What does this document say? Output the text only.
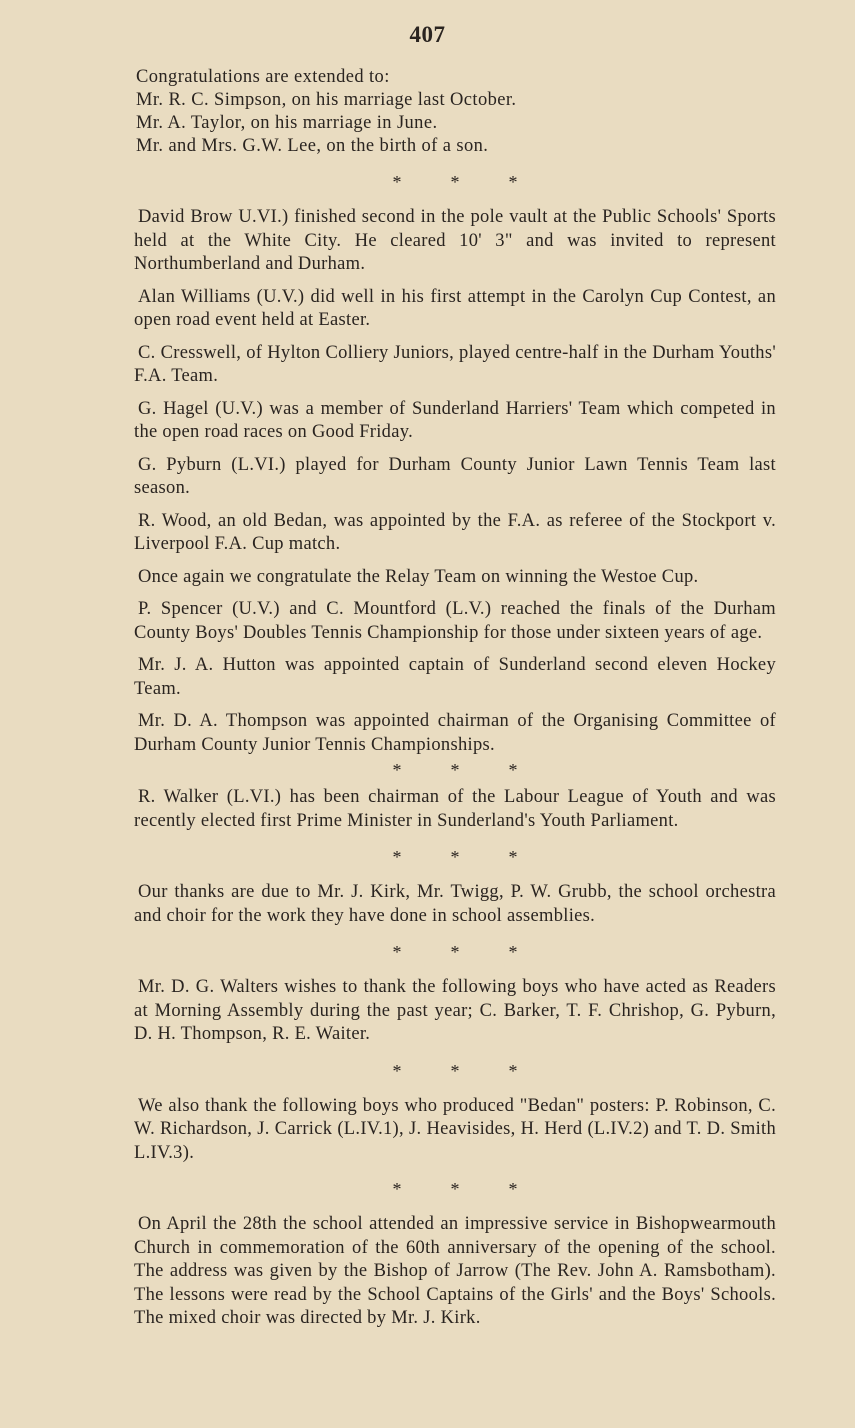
407
Congratulations are extended to:
Mr. R. C. Simpson, on his marriage last October.
Mr. A. Taylor, on his marriage in June.
Mr. and Mrs. G.W. Lee, on the birth of a son.
*	*	*

David Brow U.VI.) finished second in the pole vault at the Public Schools' Sports held at the White City. He cleared 10' 3" and was invited to represent Northumberland and Durham.

Alan Williams (U.V.) did well in his first attempt in the Carolyn Cup Contest, an open road event held at Easter.

C. Cresswell, of Hylton Colliery Juniors, played centre-half in the Durham Youths' F.A. Team.

G. Hagel (U.V.) was a member of Sunderland Harriers' Team which competed in the open road races on Good Friday.

G. Pyburn (L.VI.) played for Durham County Junior Lawn Tennis Team last season.

R. Wood, an old Bedan, was appointed by the F.A. as referee of the Stockport v. Liverpool F.A. Cup match.

Once again we congratulate the Relay Team on winning the Westoe Cup.

P. Spencer (U.V.) and C. Mountford (L.V.) reached the finals of the Durham County Boys' Doubles Tennis Championship for those under sixteen years of age.

Mr. J. A. Hutton was appointed captain of Sunderland second eleven Hockey Team.

Mr. D. A. Thompson was appointed chairman of the Organising Committee of Durham County Junior Tennis Championships.

*	*	*

R. Walker (L.VI.) has been chairman of the Labour League of Youth and was recently elected first Prime Minister in Sunderland's Youth Parliament.

*	*	*

Our thanks are due to Mr. J. Kirk, Mr. Twigg, P. W. Grubb, the school orchestra and choir for the work they have done in school assemblies.

*	*	*

Mr. D. G. Walters wishes to thank the following boys who have acted as Readers at Morning Assembly during the past year; C. Barker, T. F. Chrishop, G. Pyburn, D. H. Thompson, R. E. Waiter.

*	*	*

We also thank the following boys who produced "Bedan" posters: P. Robinson, C. W. Richardson, J. Carrick (L.IV.1), J. Heavisides, H. Herd (L.IV.2) and T. D. Smith L.IV.3).

*	*	*

On April the 28th the school attended an impressive service in Bishopwearmouth Church in commemoration of the 60th anniversary of the opening of the school. The address was given by the Bishop of Jarrow (The Rev. John A. Ramsbotham). The lessons were read by the School Captains of the Girls' and the Boys' Schools. The mixed choir was directed by Mr. J. Kirk.
